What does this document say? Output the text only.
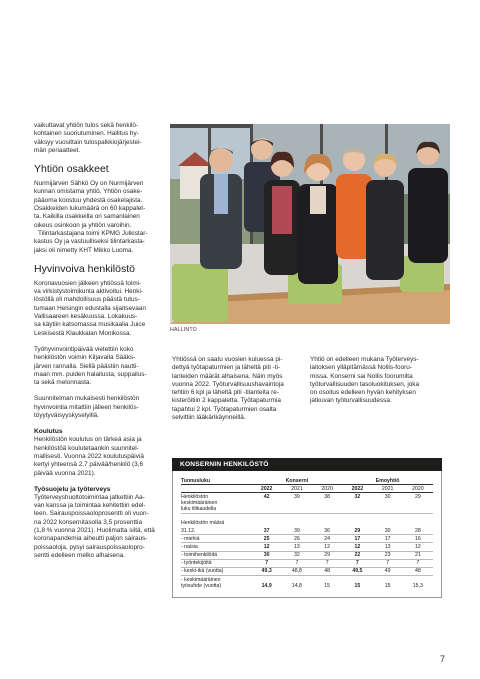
vaikuttavat yhtiön tulos sekä henkilö-
kohtainen suoriutuminen. Hallitus hy-
väksyy vuosittain tulospalkkiojärjestel-
män periaatteet.

Yhtiön osakkeet

Nurmijärven Sähkö Oy on Nurmijärven
kunnan omistama yhtiö. Yhtiön osake-
pääoma koostuu yhdestä osakelajista.
Osakkeiden lukumäärä on 60 kappalet-
ta. Kaikilla osakkeilla on samanlainen
oikeus osinkoon ja yhtiön varoihin.

Tilintarkastajana toimi KPMG Julkistar-
kastus Oy ja vastuulliseksi tilintarkasta-
jaksi oli nimetty KHT Mikko Luoma.

Hyvinvoiva henkilöstö

Koronavuosien jälkeen yhtiössä toimi-
va virkistystoimikunta aktivoitui. Henki-
löstöllä oli mahdollisuus päästä tutus-
tumaan Helsingin edustalla sijaitsevaan
Vallisaareen kesäkuussa. Lokakuus-
sa käytiin katsomassa musikaalia Juice
Leskisestä Klaukkalan Monikossa.

Työhyvinvointipäivää vietettiin koko
henkilöstön voimin Kiljavalla Sääks-
järven rannalla. Siellä päästiin nautti-
maan mm. puiden halailusta, suppailus-
ta sekä melonnasta.

Suunnitelman mukaisesti henkilöstön
hyvinvointia mitattiin jälleen henkilös-
töyytyväisyyskyselyillä.

Koulutus

Henkilöstön koulutus on tärkeä asia ja
henkilöstöä koulutetaankin suunnitel-
mallisesti. Vuonna 2022 koulutuspäiviä
kertyi yhteensä 2,7 päivää/henkilö (3,6
päivää vuonna 2021).

Työsuojelu ja työterveys

Työterveyshuoltotoimintaa jatkettiin Aa-
van kanssa ja toimintaa kehitettiin edel-
leen. Sairauspoissaoloprosentti oli vuon-
na 2022 konsernitasolla 3,5 prosenttia
(1,8 % vuonna 2021). Huolimatta siitä, että
koronapandemia aiheutti paljon sairaus-
poissaoloja, pysyi sairauspoissaolopro-
sentti edelleen melko alhaisena.

HALLINTO

Yhtiössä on saatu vuosien kuluessa pi-
dettyä työtapaturmien ja läheltä piti -ti-
lanteiden määrät alhaisena. Näin myös
vuonna 2022. Työturvallisuushavaintoja
tehtiin 6 kpl ja läheltä piti -tilanteita re-
kisteröitiin 2 kappaletta. Työtapaturmia
tapahtui 2 kpl. Työtapaturmien osalta
selvittiin lääkärikäynneillä.

Yhtiö on edelleen mukana Työterveys-
laitoksen ylläpitämässä Nollis-fooru-
missa. Konserni sai Nollis foorumilta
työturvallisuuden tasoluokituksen, joka
on osoitus edelleen hyvän kehityksen
jatkuvan työturvallisuudessa.

KONSERNIN HENKILÖSTÖ
Tunnusluku	Konserni			Emoyhtiö		
	2022	2021	2020	2022	2021	2020
Henkilöstön
keskimääräinen
luku tilikaudella	42	39	38	32	30	29

Henkilöstön määrä						
31.12.	37	39	36	29	30	28
- miehiä	25	26	24	17	17	16
- naisia	12	13	12	12	13	12
- toimihenkilöitä	30	32	29	22	23	21
- työntekijöitä	7	7	7	7	7	7
- keski-ikä (vuotta)	49,3	48,8	48	49,5	49	48
- keskimääräinen
työsuhde (vuotta)	14,9	14,8	15	15	15	15,3
7
